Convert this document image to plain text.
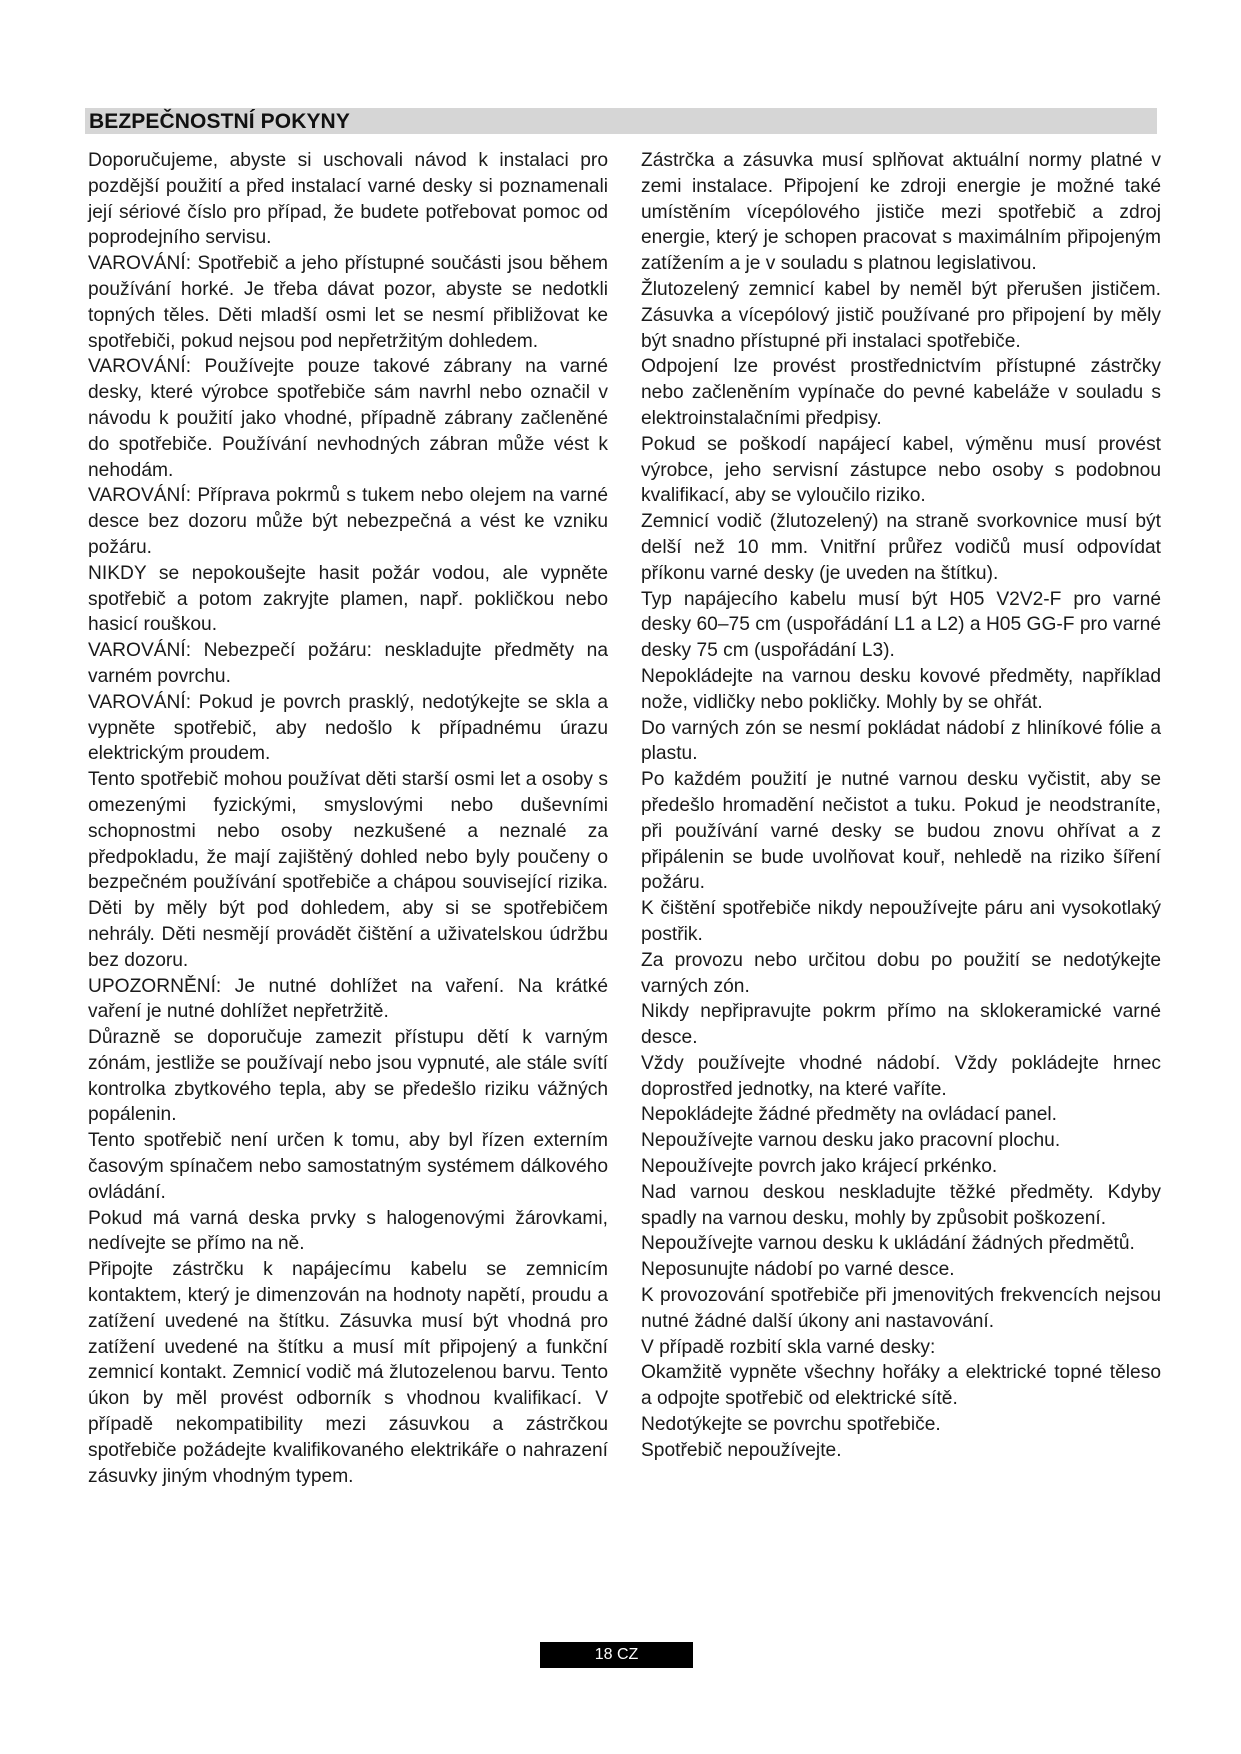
BEZPEČNOSTNÍ POKYNY

Doporučujeme, abyste si uschovali návod k instalaci pro pozdější použití a před instalací varné desky si poznamenali její sériové číslo pro případ, že budete potřebovat pomoc od poprodejního servisu.

VAROVÁNÍ: Spotřebič a jeho přístupné součásti jsou během používání horké. Je třeba dávat pozor, abyste se nedotkli topných těles. Děti mladší osmi let se nesmí přibližovat ke spotřebiči, pokud nejsou pod nepřetržitým dohledem.

VAROVÁNÍ: Používejte pouze takové zábrany na varné desky, které výrobce spotřebiče sám navrhl nebo označil v návodu k použití jako vhodné, případně zábrany začleněné do spotřebiče. Používání nevhodných zábran může vést k nehodám.

VAROVÁNÍ: Příprava pokrmů s tukem nebo olejem na varné desce bez dozoru může být nebezpečná a vést ke vzniku požáru.

NIKDY se nepokoušejte hasit požár vodou, ale vypněte spotřebič a potom zakryjte plamen, např. pokličkou nebo hasicí rouškou.

VAROVÁNÍ: Nebezpečí požáru: neskladujte předměty na varném povrchu.

VAROVÁNÍ: Pokud je povrch prasklý, nedotýkejte se skla a vypněte spotřebič, aby nedošlo k případnému úrazu elektrickým proudem.

Tento spotřebič mohou používat děti starší osmi let a osoby s omezenými fyzickými, smyslovými nebo duševními schopnostmi nebo osoby nezkušené a neznalé za předpokladu, že mají zajištěný dohled nebo byly poučeny o bezpečném používání spotřebiče a chápou související rizika. Děti by měly být pod dohledem, aby si se spotřebičem nehrály. Děti nesmějí provádět čištění a uživatelskou údržbu bez dozoru.

UPOZORNĚNÍ: Je nutné dohlížet na vaření. Na krátké vaření je nutné dohlížet nepřetržitě.

Důrazně se doporučuje zamezit přístupu dětí k varným zónám, jestliže se používají nebo jsou vypnuté, ale stále svítí kontrolka zbytkového tepla, aby se předešlo riziku vážných popálenin.

Tento spotřebič není určen k tomu, aby byl řízen externím časovým spínačem nebo samostatným systémem dálkového ovládání.

Pokud má varná deska prvky s halogenovými žárovkami, nedívejte se přímo na ně.

Připojte zástrčku k napájecímu kabelu se zemnicím kontaktem, který je dimenzován na hodnoty napětí, proudu a zatížení uvedené na štítku. Zásuvka musí být vhodná pro zatížení uvedené na štítku a musí mít připojený a funkční zemnicí kontakt. Zemnicí vodič má žlutozelenou barvu. Tento úkon by měl provést odborník s vhodnou kvalifikací. V případě nekompatibility mezi zásuvkou a zástrčkou spotřebiče požádejte kvalifikovaného elektrikáře o nahrazení zásuvky jiným vhodným typem.

Zástrčka a zásuvka musí splňovat aktuální normy platné v zemi instalace. Připojení ke zdroji energie je možné také umístěním vícepólového jističe mezi spotřebič a zdroj energie, který je schopen pracovat s maximálním připojeným zatížením a je v souladu s platnou legislativou.

Žlutozelený zemnicí kabel by neměl být přerušen jističem. Zásuvka a vícepólový jistič používané pro připojení by měly být snadno přístupné při instalaci spotřebiče.

Odpojení lze provést prostřednictvím přístupné zástrčky nebo začleněním vypínače do pevné kabeláže v souladu s elektroinstalačními předpisy.

Pokud se poškodí napájecí kabel, výměnu musí provést výrobce, jeho servisní zástupce nebo osoby s podobnou kvalifikací, aby se vyloučilo riziko.

Zemnicí vodič (žlutozelený) na straně svorkovnice musí být delší než 10 mm. Vnitřní průřez vodičů musí odpovídat příkonu varné desky (je uveden na štítku).

Typ napájecího kabelu musí být H05 V2V2-F pro varné desky 60–75 cm (uspořádání L1 a L2) a H05 GG-F pro varné desky 75 cm (uspořádání L3).

Nepokládejte na varnou desku kovové předměty, například nože, vidličky nebo pokličky. Mohly by se ohřát.

Do varných zón se nesmí pokládat nádobí z hliníkové fólie a plastu.

Po každém použití je nutné varnou desku vyčistit, aby se předešlo hromadění nečistot a tuku. Pokud je neodstraníte, při používání varné desky se budou znovu ohřívat a z připálenin se bude uvolňovat kouř, nehledě na riziko šíření požáru.

K čištění spotřebiče nikdy nepoužívejte páru ani vysokotlaký postřik.

Za provozu nebo určitou dobu po použití se nedotýkejte varných zón.

Nikdy nepřipravujte pokrm přímo na sklokeramické varné desce.

Vždy používejte vhodné nádobí. Vždy pokládejte hrnec doprostřed jednotky, na které vaříte.

Nepokládejte žádné předměty na ovládací panel.

Nepoužívejte varnou desku jako pracovní plochu.

Nepoužívejte povrch jako krájecí prkénko.

Nad varnou deskou neskladujte těžké předměty. Kdyby spadly na varnou desku, mohly by způsobit poškození.

Nepoužívejte varnou desku k ukládání žádných předmětů.

Neposunujte nádobí po varné desce.

K provozování spotřebiče při jmenovitých frekvencích nejsou nutné žádné další úkony ani nastavování.

V případě rozbití skla varné desky:

Okamžitě vypněte všechny hořáky a elektrické topné těleso a odpojte spotřebič od elektrické sítě.

Nedotýkejte se povrchu spotřebiče.

Spotřebič nepoužívejte.

18 CZ
